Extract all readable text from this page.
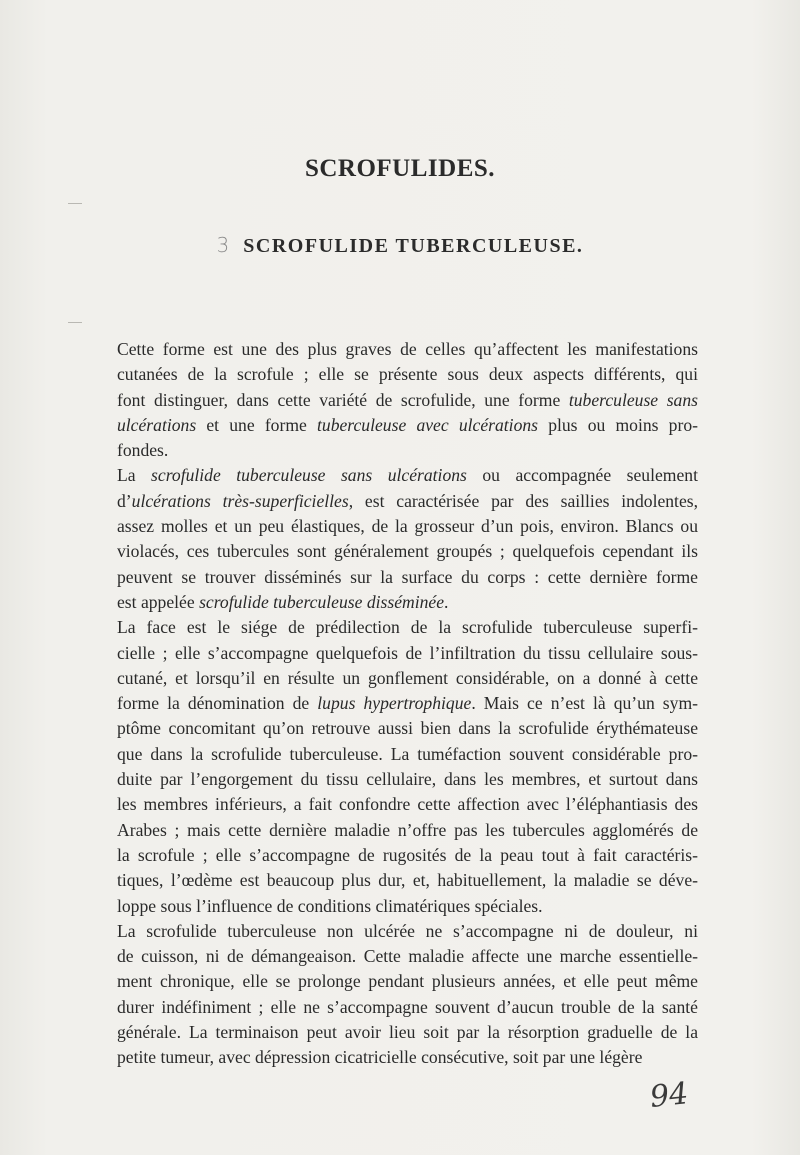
SCROFULIDES.
3 SCROFULIDE TUBERCULEUSE.
Cette forme est une des plus graves de celles qu’affectent les manifestations
cutanées de la scrofule ; elle se présente sous deux aspects différents, qui
font distinguer, dans cette variété de scrofulide, une forme tuberculeuse sans
ulcérations et une forme tuberculeuse avec ulcérations plus ou moins pro-
fondes.
La scrofulide tuberculeuse sans ulcérations ou accompagnée seulement
d’ulcérations très-superficielles, est caractérisée par des saillies indolentes,
assez molles et un peu élastiques, de la grosseur d’un pois, environ. Blancs ou
violacés, ces tubercules sont généralement groupés ; quelquefois cependant ils
peuvent se trouver disséminés sur la surface du corps : cette dernière forme
est appelée scrofulide tuberculeuse disséminée.
La face est le siége de prédilection de la scrofulide tuberculeuse superfi-
cielle ; elle s’accompagne quelquefois de l’infiltration du tissu cellulaire sous-
cutané, et lorsqu’il en résulte un gonflement considérable, on a donné à cette
forme la dénomination de lupus hypertrophique. Mais ce n’est là qu’un sym-
ptôme concomitant qu’on retrouve aussi bien dans la scrofulide érythémateuse
que dans la scrofulide tuberculeuse. La tuméfaction souvent considérable pro-
duite par l’engorgement du tissu cellulaire, dans les membres, et surtout dans
les membres inférieurs, a fait confondre cette affection avec l’éléphantiasis des
Arabes ; mais cette dernière maladie n’offre pas les tubercules agglomérés de
la scrofule ; elle s’accompagne de rugosités de la peau tout à fait caractéris-
tiques, l’œdème est beaucoup plus dur, et, habituellement, la maladie se déve-
loppe sous l’influence de conditions climatériques spéciales.
La scrofulide tuberculeuse non ulcérée ne s’accompagne ni de douleur, ni
de cuisson, ni de démangeaison. Cette maladie affecte une marche essentielle-
ment chronique, elle se prolonge pendant plusieurs années, et elle peut même
durer indéfiniment ; elle ne s’accompagne souvent d’aucun trouble de la santé
générale. La terminaison peut avoir lieu soit par la résorption graduelle de la
petite tumeur, avec dépression cicatricielle consécutive, soit par une légère
94
